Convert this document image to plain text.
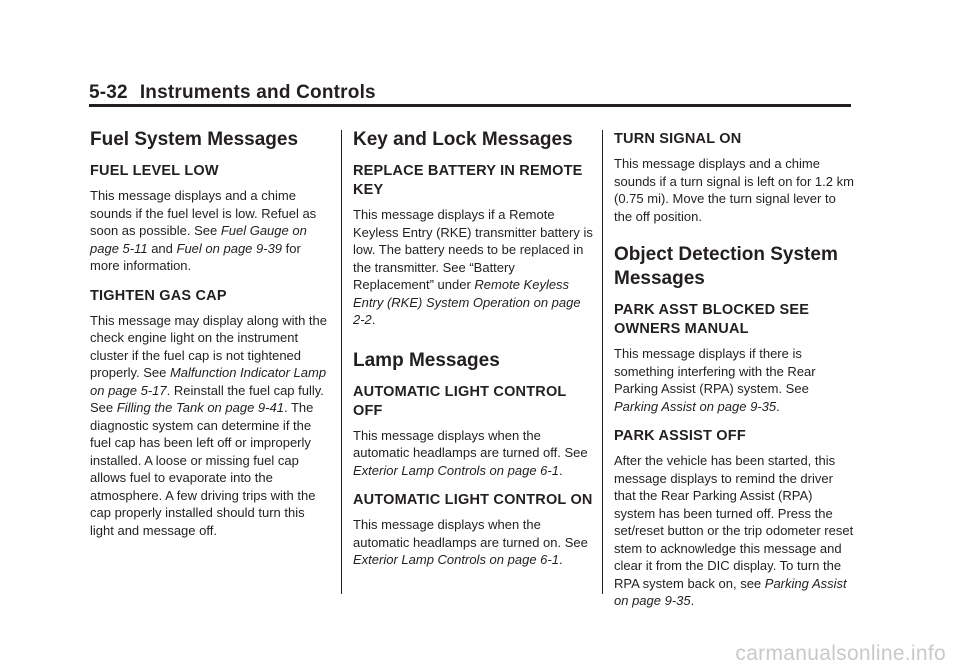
5-32 Instruments and Controls
Fuel System Messages
FUEL LEVEL LOW

This message displays and a chime sounds if the fuel level is low. Refuel as soon as possible. See Fuel Gauge on page 5-11 and Fuel on page 9-39 for more information.

TIGHTEN GAS CAP

This message may display along with the check engine light on the instrument cluster if the fuel cap is not tightened properly. See Malfunction Indicator Lamp on page 5-17. Reinstall the fuel cap fully. See Filling the Tank on page 9-41. The diagnostic system can determine if the fuel cap has been left off or improperly installed. A loose or missing fuel cap allows fuel to evaporate into the atmosphere. A few driving trips with the cap properly installed should turn this light and message off.

Key and Lock Messages
REPLACE BATTERY IN REMOTE KEY

This message displays if a Remote Keyless Entry (RKE) transmitter battery is low. The battery needs to be replaced in the transmitter. See “Battery Replacement” under Remote Keyless Entry (RKE) System Operation on page 2-2.

Lamp Messages
AUTOMATIC LIGHT CONTROL OFF

This message displays when the automatic headlamps are turned off. See Exterior Lamp Controls on page 6-1.

AUTOMATIC LIGHT CONTROL ON

This message displays when the automatic headlamps are turned on. See Exterior Lamp Controls on page 6-1.

TURN SIGNAL ON

This message displays and a chime sounds if a turn signal is left on for 1.2 km (0.75 mi). Move the turn signal lever to the off position.

Object Detection System Messages
PARK ASST BLOCKED SEE OWNERS MANUAL

This message displays if there is something interfering with the Rear Parking Assist (RPA) system. See Parking Assist on page 9-35.

PARK ASSIST OFF

After the vehicle has been started, this message displays to remind the driver that the Rear Parking Assist (RPA) system has been turned off. Press the set/reset button or the trip odometer reset stem to acknowledge this message and clear it from the DIC display. To turn the RPA system back on, see Parking Assist on page 9-35.

carmanualsonline.info
